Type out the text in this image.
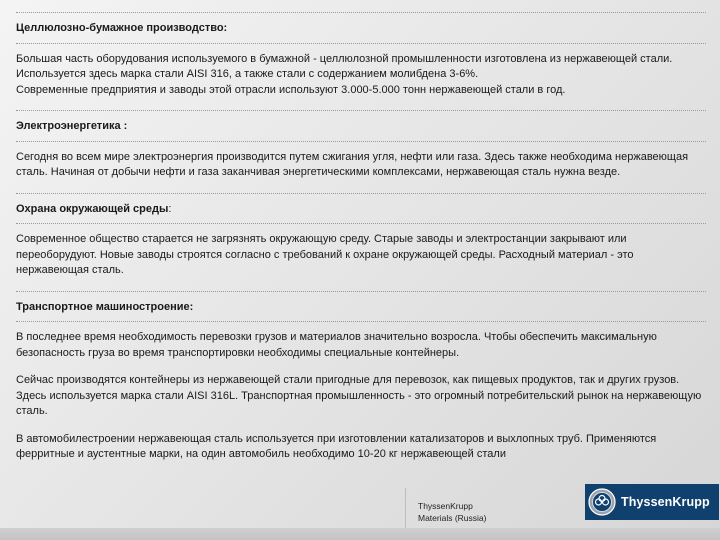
Целлюлозно-бумажное производство:
Большая часть оборудования используемого в бумажной - целлюлозной промышленности изготовлена из нержавеющей стали. Используется здесь марка стали AISI 316, а также стали с содержанием молибдена 3-6%.
Современные предприятия и заводы этой отрасли используют 3.000-5.000 тонн нержавеющей стали в год.
Электроэнергетика :
Сегодня во всем мире электроэнергия производится путем сжигания угля, нефти или газа. Здесь также необходима нержавеющая сталь. Начиная от добычи нефти и газа заканчивая энергетическими комплексами, нержавеющая сталь нужна везде.
Охрана окружающей среды:
Современное общество старается не загрязнять окружающую среду. Старые заводы и электростанции закрывают или переоборудуют. Новые заводы строятся согласно с требований к охране окружающей среды. Расходный материал - это нержавеющая сталь.
Транспортное машиностроение:
В последнее время необходимость перевозки грузов и материалов значительно возросла. Чтобы обеспечить максимальную безопасность груза во время транспортировки необходимы специальные контейнеры.
Сейчас производятся контейнеры из нержавеющей стали пригодные для перевозок, как пищевых продуктов, так и других грузов. Здесь используется марка стали AISI 316L. Транспортная промышленность - это огромный потребительский рынок на нержавеющую сталь.
В автомобилестроении нержавеющая сталь используется при изготовлении катализаторов и выхлопных труб. Применяются ферритные и аустентные марки, на один автомобиль необходимо 10-20 кг нержавеющей стали
ThyssenKrupp
Materials (Russia)
ThyssenKrupp
